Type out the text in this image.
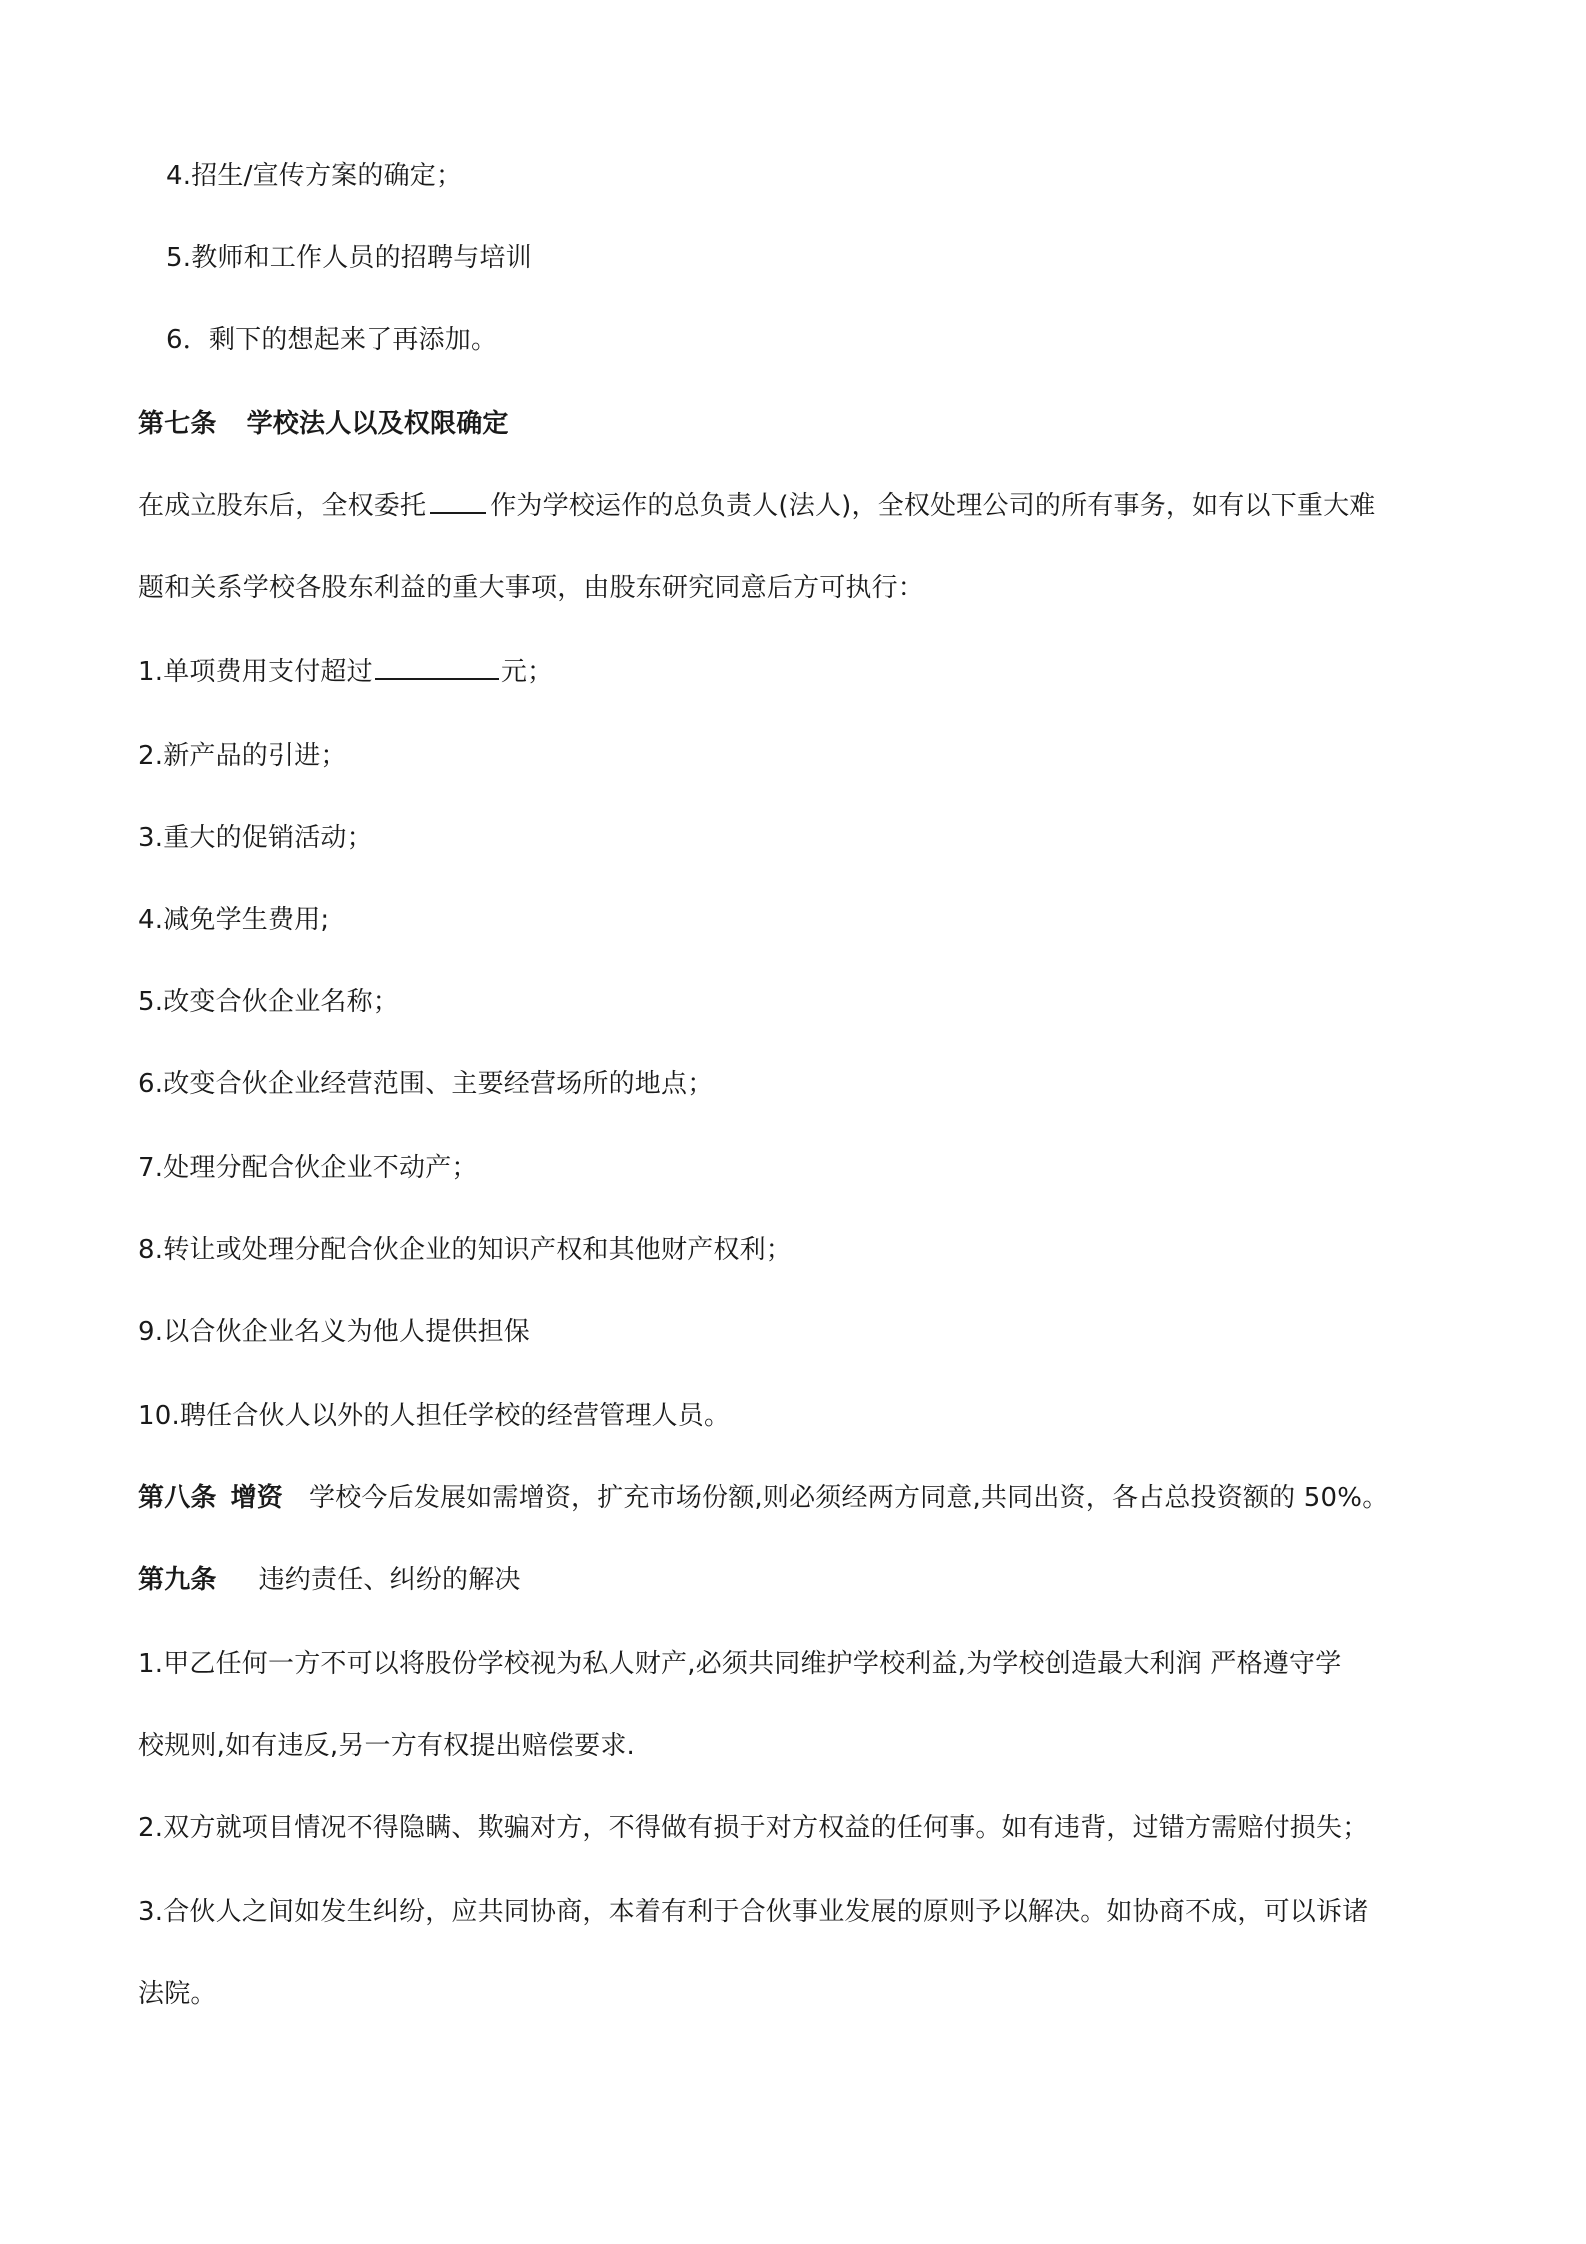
4.招生/宣传方案的确定；
5.教师和工作人员的招聘与培训
6．剩下的想起来了再添加。
第七条 学校法人以及权限确定
在成立股东后，全权委托 作为学校运作的总负责人(法人)，全权处理公司的所有事务，如有以下重大难
题和关系学校各股东利益的重大事项，由股东研究同意后方可执行：
1.单项费用支付超过	元；
2.新产品的引进；
3.重大的促销活动；
4.减免学生费用;
5.改变合伙企业名称；
6.改变合伙企业经营范围、主要经营场所的地点；
7.处理分配合伙企业不动产；
8.转让或处理分配合伙企业的知识产权和其他财产权利；
9.以合伙企业名义为他人提供担保
10.聘任合伙人以外的人担任学校的经营管理人员。
第八条 增资 学校今后发展如需增资，扩充市场份额,则必须经两方同意,共同出资，各占总投资额的 50%。
第九条 违约责任、纠纷的解决
1.甲乙任何一方不可以将股份学校视为私人财产,必须共同维护学校利益,为学校创造最大利润 严格遵守学
校规则,如有违反,另一方有权提出赔偿要求.
2.双方就项目情况不得隐瞒、欺骗对方，不得做有损于对方权益的任何事。如有违背，过错方需赔付损失；
3.合伙人之间如发生纠纷，应共同协商，本着有利于合伙事业发展的原则予以解决。如协商不成，可以诉诸
法院。
